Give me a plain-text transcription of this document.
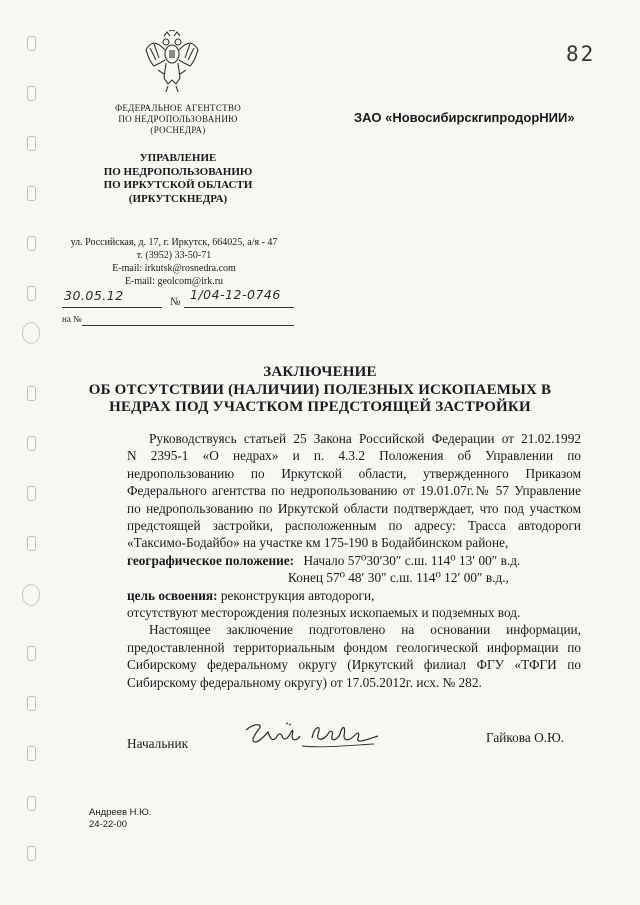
ФЕДЕРАЛЬНОЕ АГЕНТСТВО
ПО НЕДРОПОЛЬЗОВАНИЮ
(РОСНЕДРА)
УПРАВЛЕНИЕ
ПО НЕДРОПОЛЬЗОВАНИЮ
ПО ИРКУТСКОЙ ОБЛАСТИ
(ИРКУТСКНЕДРА)
ул. Российская, д. 17, г. Иркутск, 664025, а/я - 47
т. (3952) 33-50-71
E-mail: irkutsk@rosnedra.com
E-mail: geolcom@irk.ru
30.05.12	№ 1/04-12-0746
на №
82
ЗАО «НовосибирскгипродорНИИ»
ЗАКЛЮЧЕНИЕ
ОБ ОТСУТСТВИИ (НАЛИЧИИ) ПОЛЕЗНЫХ ИСКОПАЕМЫХ В
НЕДРАХ ПОД УЧАСТКОМ ПРЕДСТОЯЩЕЙ ЗАСТРОЙКИ

Руководствуясь статьей 25 Закона Российской Федерации от 21.02.1992

N 2395-1 «О недрах» и п. 4.3.2 Положения об Управлении по

недропользованию по Иркутской области, утвержденного Приказом

Федерального агентства по недропользованию от 19.01.07г.№ 57 Управление

по недропользованию по Иркутской области подтверждает, что под участком

предстоящей застройки, расположенным по адресу: Трасса автодороги

«Таксимо-Бодайбо» на участке км 175-190 в Бодайбинском районе,

географическое положение: Начало 57⁰30′30″ с.ш. 114⁰ 13′ 00″ в.д.

Конец 57⁰ 48′ 30″ с.ш. 114⁰ 12′ 00″ в.д.,

цель освоения: реконструкция автодороги,

отсутствуют месторождения полезных ископаемых и подземных вод.

Настоящее заключение подготовлено на основании информации,

предоставленной территориальным фондом геологической информации по

Сибирскому федеральному округу (Иркутский филиал ФГУ «ТФГИ по

Сибирскому федеральному округу) от 17.05.2012г. исх. № 282.

Начальник	Гайкова О.Ю.
Андреев Н.Ю.
24-22-00
